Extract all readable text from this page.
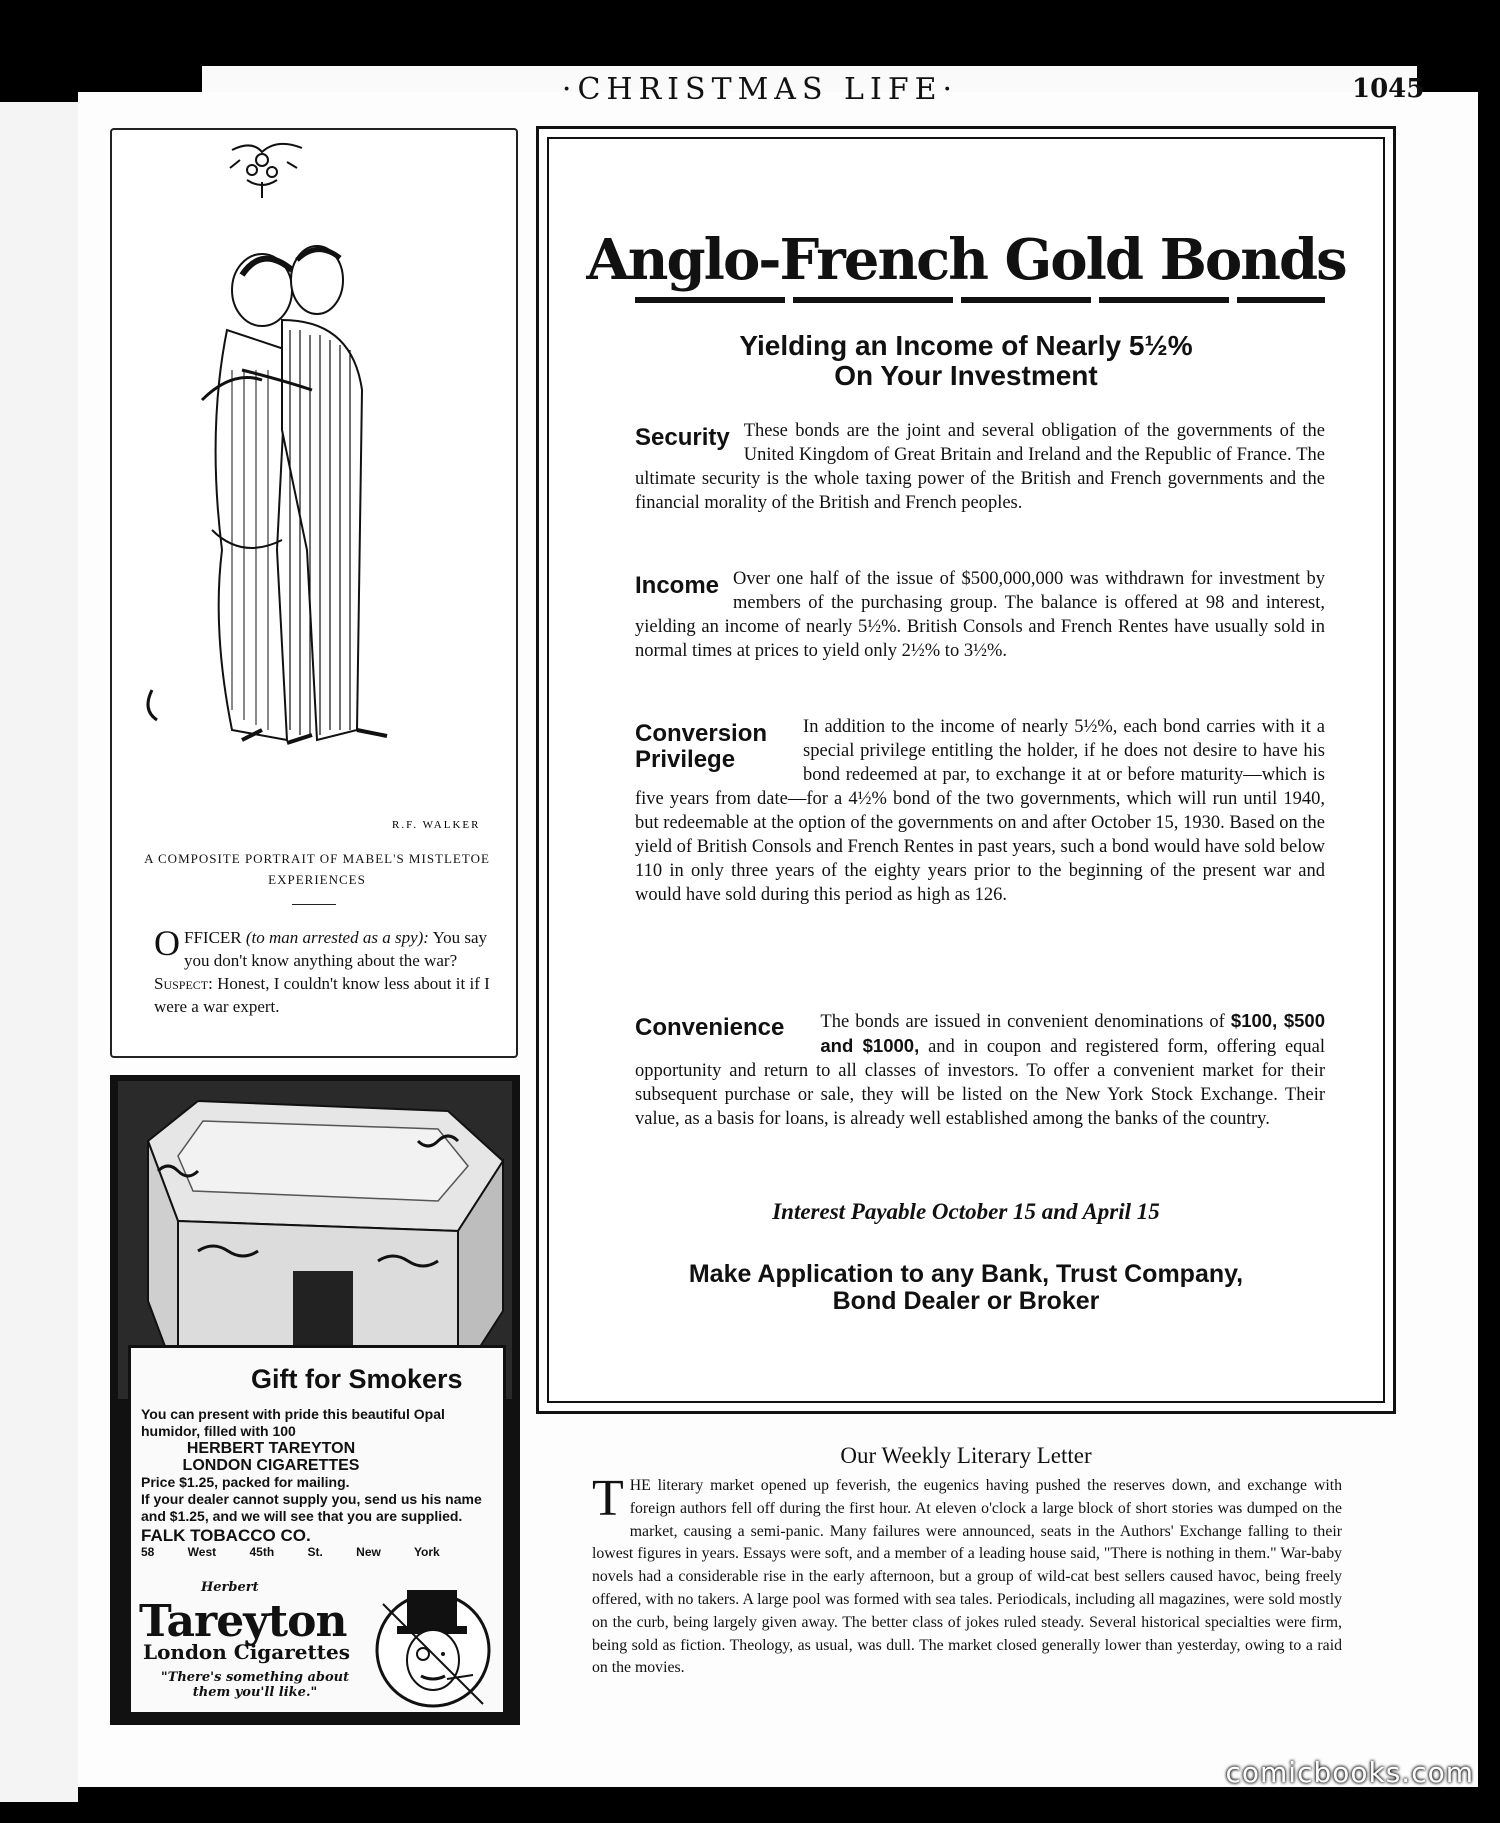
·CHRISTMAS LIFE·	1045
R.F. WALKER
A COMPOSITE PORTRAIT OF MABEL'S MISTLETOE EXPERIENCES
O FFICER (to man arrested as a spy): You say you don't know anything about the war?
Suspect: Honest, I couldn't know less about it if I were a war expert.
Gift for Smokers
You can present with pride this beautiful Opal humidor, filled with 100
HERBERT TAREYTON
LONDON CIGARETTES
Price $1.25, packed for mailing.
If your dealer cannot supply you, send us his name and $1.25, and we will see that you are supplied.
FALK TOBACCO CO.
58 West 45th St.	New York
Herbert
Tareyton
London Cigarettes
"There's something about them you'll like."
Anglo-French Gold Bonds
Yielding an Income of Nearly 5½%
On Your Investment
Security These bonds are the joint and several obligation of the governments of the United Kingdom of Great Britain and Ireland and the Republic of France. The ultimate security is the whole taxing power of the British and French governments and the financial morality of the British and French peoples.
Income Over one half of the issue of $500,000,000 was withdrawn for investment by members of the purchasing group. The balance is offered at 98 and interest, yielding an income of nearly 5½%. British Consols and French Rentes have usually sold in normal times at prices to yield only 2½% to 3½%.
Conversion
Privilege
In addition to the income of nearly 5½%, each bond carries with it a special privilege entitling the holder, if he does not desire to have his bond redeemed at par, to exchange it at or before maturity—which is five years from date—for a 4½% bond of the two governments, which will run until 1940, but redeemable at the option of the governments on and after October 15, 1930. Based on the yield of British Consols and French Rentes in past years, such a bond would have sold below 110 in only three years of the eighty years prior to the beginning of the present war and would have sold during this period as high as 126.
Convenience The bonds are issued in convenient denominations of $100, $500 and $1000, and in coupon and registered form, offering equal opportunity and return to all classes of investors. To offer a convenient market for their subsequent purchase or sale, they will be listed on the New York Stock Exchange. Their value, as a basis for loans, is already well established among the banks of the country.
Interest Payable October 15 and April 15
Make Application to any Bank, Trust Company,
Bond Dealer or Broker
Our Weekly Literary Letter
T HE literary market opened up feverish, the eugenics having pushed the reserves down, and exchange with foreign authors fell off during the first hour. At eleven o'clock a large block of short stories was dumped on the market, causing a semi-panic. Many failures were announced, seats in the Authors' Exchange falling to their lowest figures in years. Essays were soft, and a member of a leading house said, "There is nothing in them." War-baby novels had a considerable rise in the early afternoon, but a group of wild-cat best sellers caused havoc, being freely offered, with no takers. A large pool was formed with sea tales. Periodicals, including all magazines, were sold mostly on the curb, being largely given away. The better class of jokes ruled steady. Several historical specialties were firm, being sold as fiction. Theology, as usual, was dull. The market closed generally lower than yesterday, owing to a raid on the movies.
comicbooks.com
